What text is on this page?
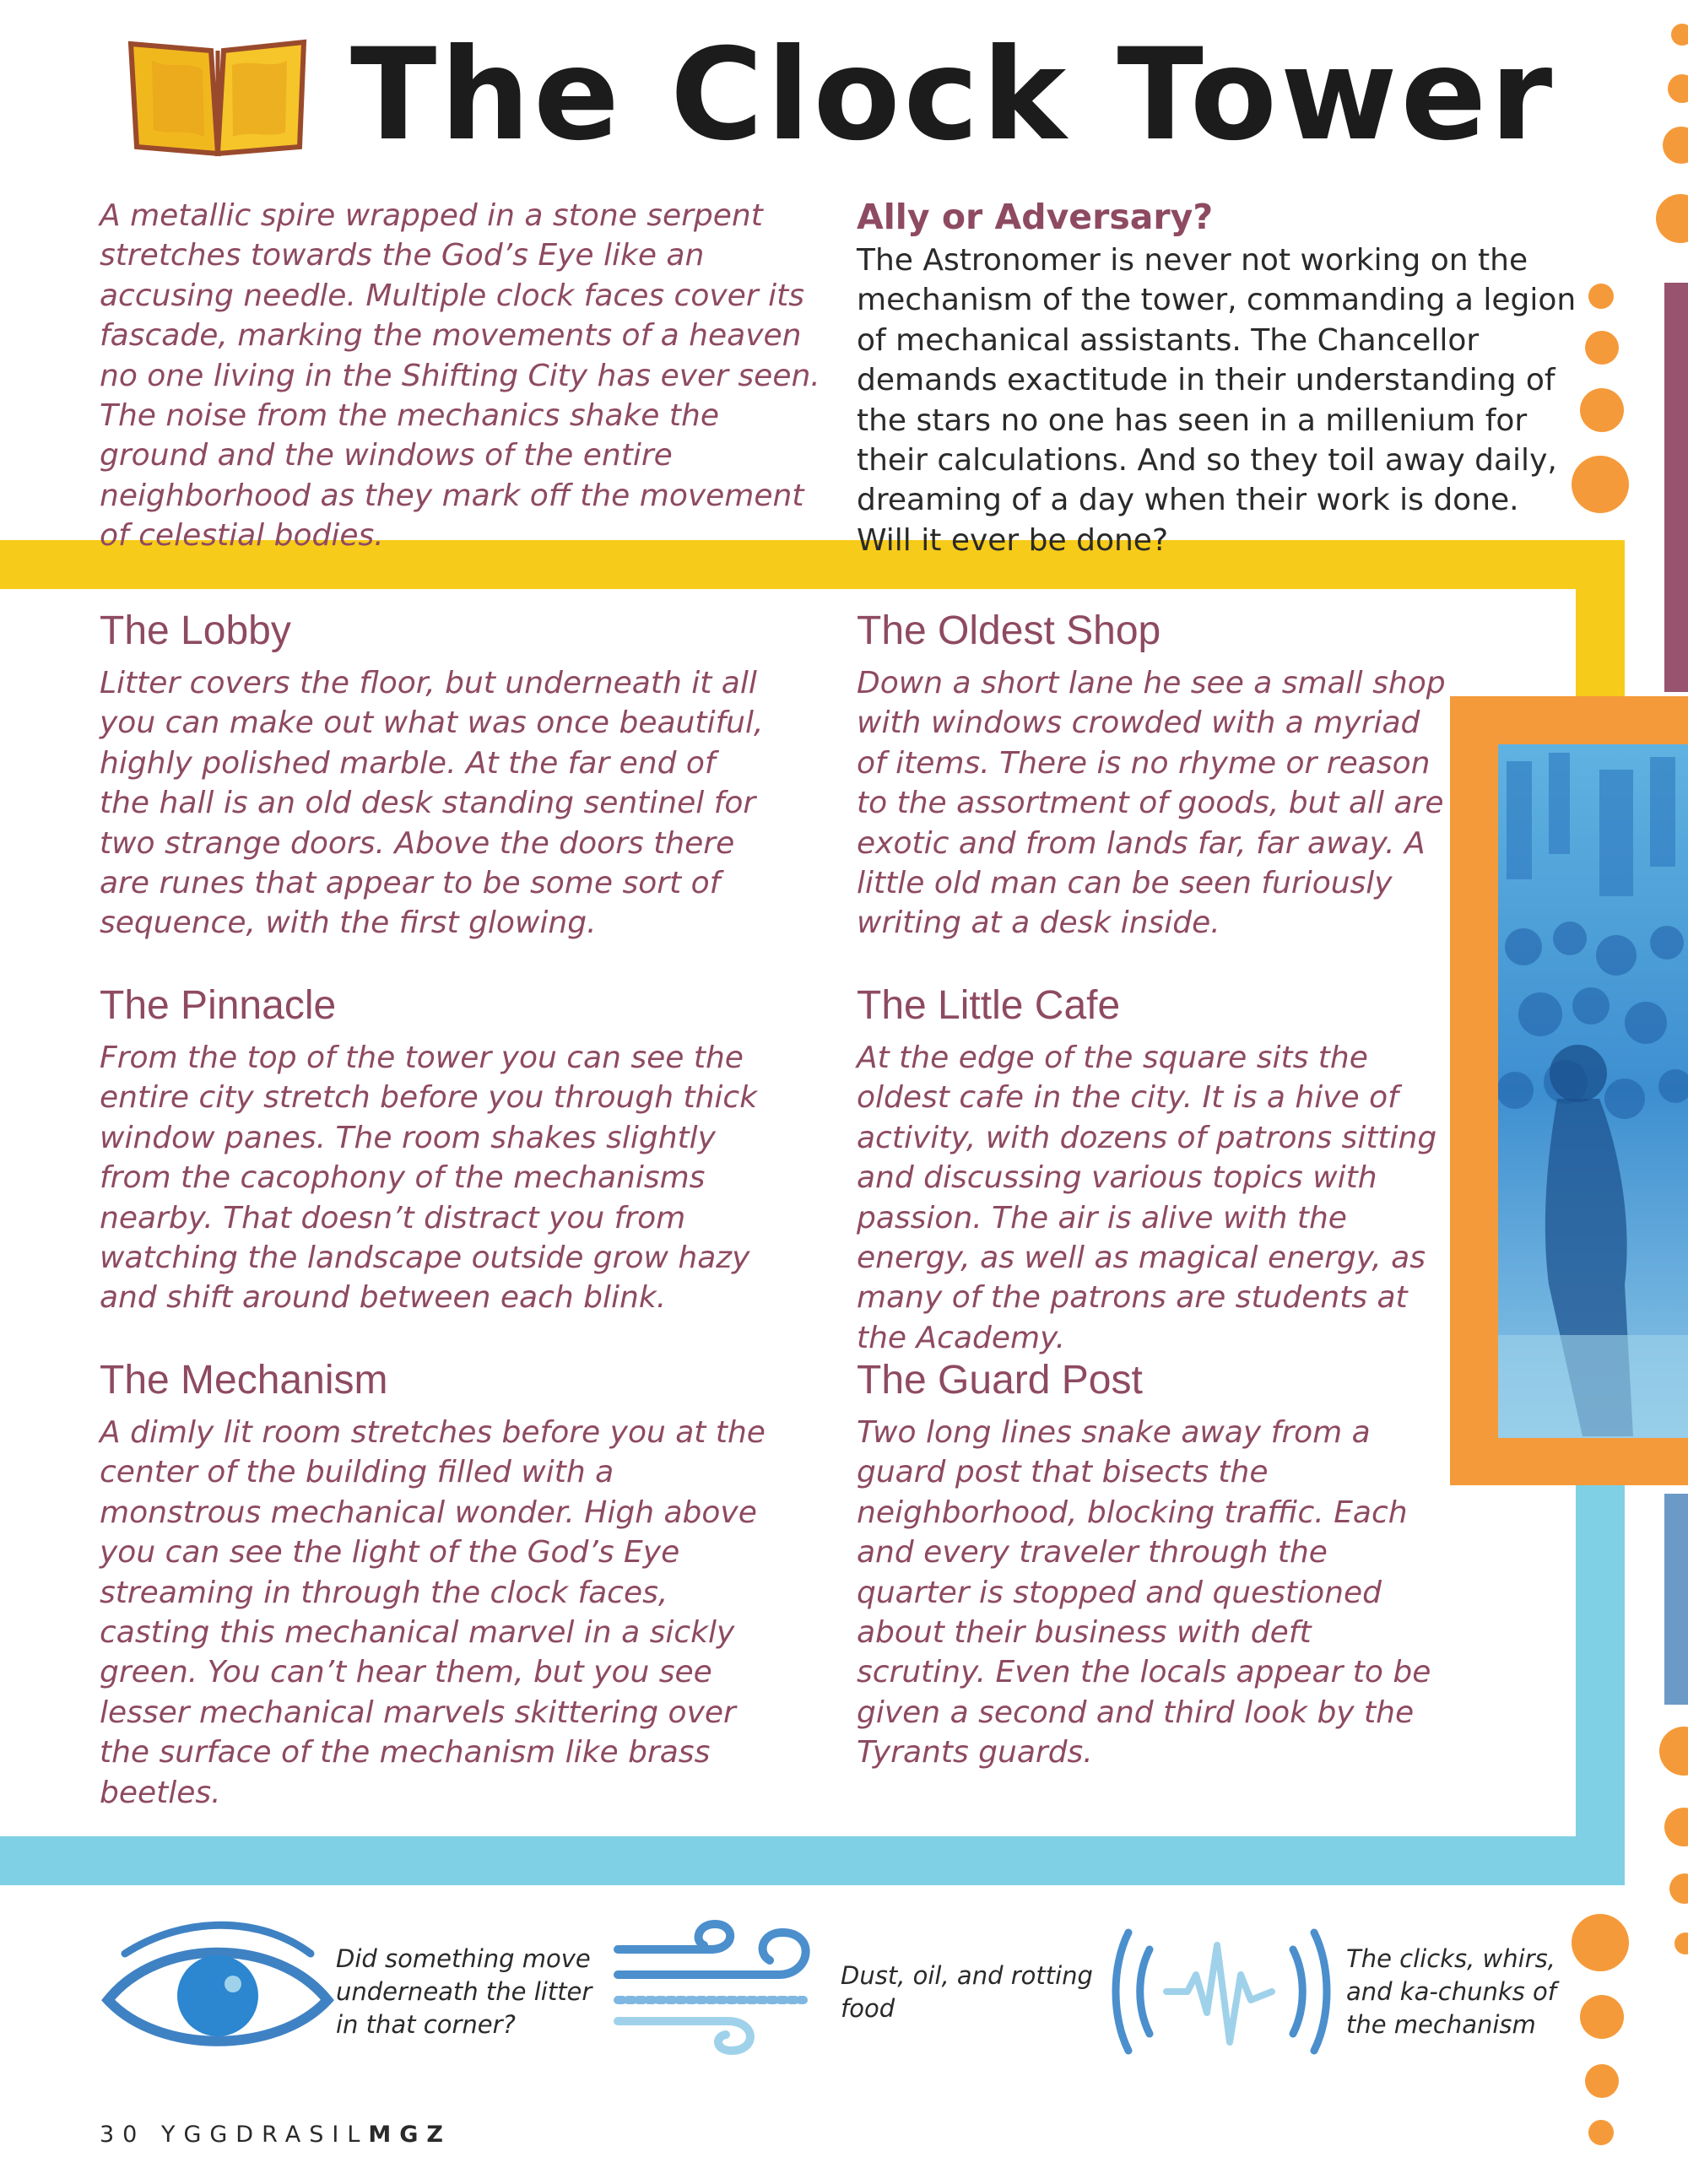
The Clock Tower
A metallic spire wrapped in a stone serpent stretches towards the God’s Eye like an accusing needle. Multiple clock faces cover its fascade, marking the movements of a heaven no one living in the Shifting City has ever seen. The noise from the mechanics shake the ground and the windows of the entire neighborhood as they mark off the movement of celestial bodies.
Ally or Adversary?
The Astronomer is never not working on the mechanism of the tower, commanding a legion of mechanical assistants. The Chancellor demands exactitude in their understanding of the stars no one has seen in a millenium for their calculations. And so they toil away daily, dreaming of a day when their work is done. Will it ever be done?
The Lobby

Litter covers the floor, but underneath it all you can make out what was once beautiful, highly polished marble. At the far end of the hall is an old desk standing sentinel for two strange doors. Above the doors there are runes that appear to be some sort of sequence, with the first glowing.

The Oldest Shop

Down a short lane he see a small shop with windows crowded with a myriad of items. There is no rhyme or reason to the assortment of goods, but all are exotic and from lands far, far away. A little old man can be seen furiously writing at a desk inside.

The Pinnacle

From the top of the tower you can see the entire city stretch before you through thick window panes. The room shakes slightly from the cacophony of the mechanisms nearby. That doesn’t distract you from watching the landscape outside grow hazy and shift around between each blink.

The Little Cafe

At the edge of the square sits the oldest cafe in the city. It is a hive of activity, with dozens of patrons sitting and discussing various topics with passion. The air is alive with the energy, as well as magical energy, as many of the patrons are students at the Academy.

The Mechanism

A dimly lit room stretches before you at the center of the building filled with a monstrous mechanical wonder. High above you can see the light of the God’s Eye streaming in through the clock faces, casting this mechanical marvel in a sickly green. You can’t hear them, but you see lesser mechanical marvels skittering over the surface of the mechanism like brass beetles.

The Guard Post

Two long lines snake away from a guard post that bisects the neighborhood, blocking traffic. Each and every traveler through the quarter is stopped and questioned about their business with deft scrutiny. Even the locals appear to be given a second and third look by the Tyrants guards.

Did something move underneath the litter in that corner?
Dust, oil, and rotting food
The clicks, whirs, and ka-chunks of the mechanism
30 YGGDRASILMGZ
